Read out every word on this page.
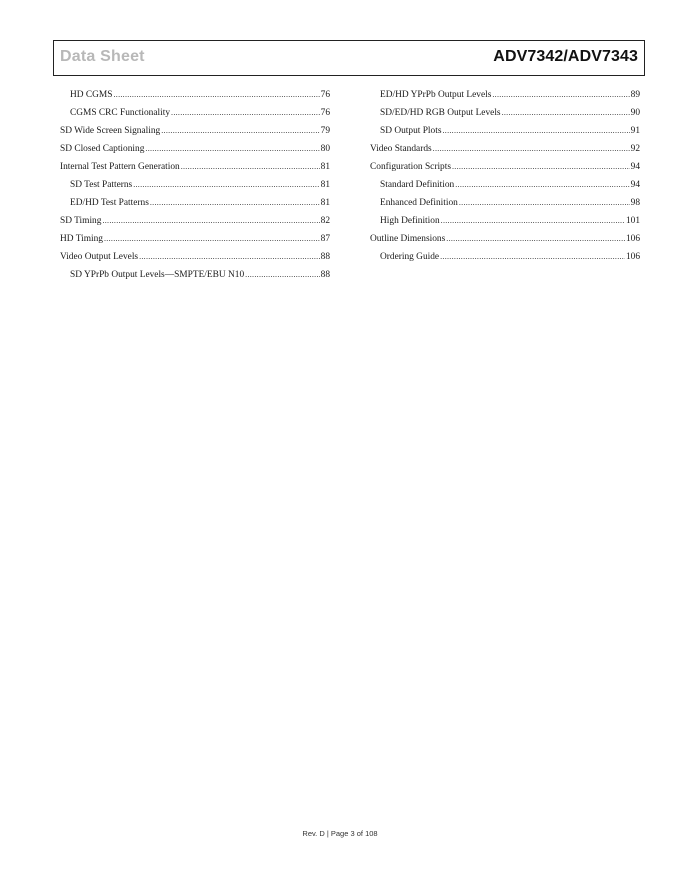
Data Sheet	ADV7342/ADV7343
HD CGMS .....	76
CGMS CRC Functionality .....	76
SD Wide Screen Signaling .....	79
SD Closed Captioning .....	80
Internal Test Pattern Generation .....	81
SD Test Patterns .....	81
ED/HD Test Patterns .....	81
SD Timing .....	82
HD Timing .....	87
Video Output Levels .....	88
SD YPrPb Output Levels—SMPTE/EBU N10 .....	88
ED/HD YPrPb Output Levels .....	89
SD/ED/HD RGB Output Levels .....	90
SD Output Plots .....	91
Video Standards .....	92
Configuration Scripts .....	94
Standard Definition .....	94
Enhanced Definition .....	98
High Definition .....	101
Outline Dimensions .....	106
Ordering Guide .....	106
Rev. D | Page 3 of 108
